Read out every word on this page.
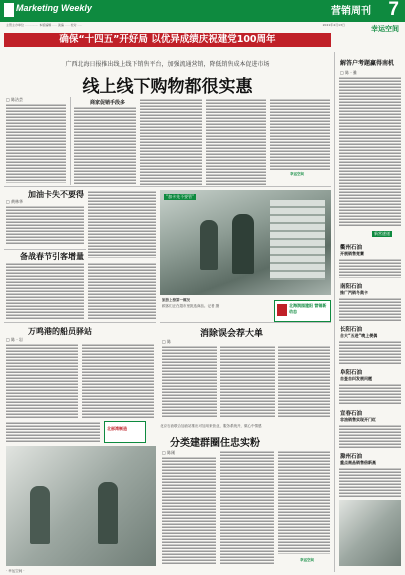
Marketing Weekly	营销周刊 7
主管主办单位 ·············· 本版编辑 ····· 美编 ····· 校对 ·····	2021年4月13日	幸运空间
确保“十四五”开好局 以优异成绩庆祝建党100周年
广西北海日报推出线上线下销售平台，加强流通营销，降低销售成本促进市场
线上线下购物都很实惠
□ 陈洁芸
商家促销手段多
幸运空间
加油卡失不要得
□ 黄林华
备战春节引客增量
“加卡先不要管”
旅游上榜第一概况
顾客们正在超市里挑选商品。记者 摄	北海润园建阳 营销新动态
消除误会荐大单
□ 陈
万鸣港的船员驿站
□ 陈 · 岩
北部湾制造
· 幸运空间 ·
北京石油联合加油站推出可加用来营业，服务系统开，做心中情感
分类建群圈住忠实粉
□ 陈刚
幸运空间
解答户考题赢得南机
□ 陈 · 雅
新营速递
衢州石油
开展销售竞赛
南阳石油
推广汽销冬奥卡
长阳石油
合大“五进”晚上便偶
阜阳石油
自查自纠发展问题
宣春石油
非油销售实现开门红
滁州石油
重点商品销售倍新高
